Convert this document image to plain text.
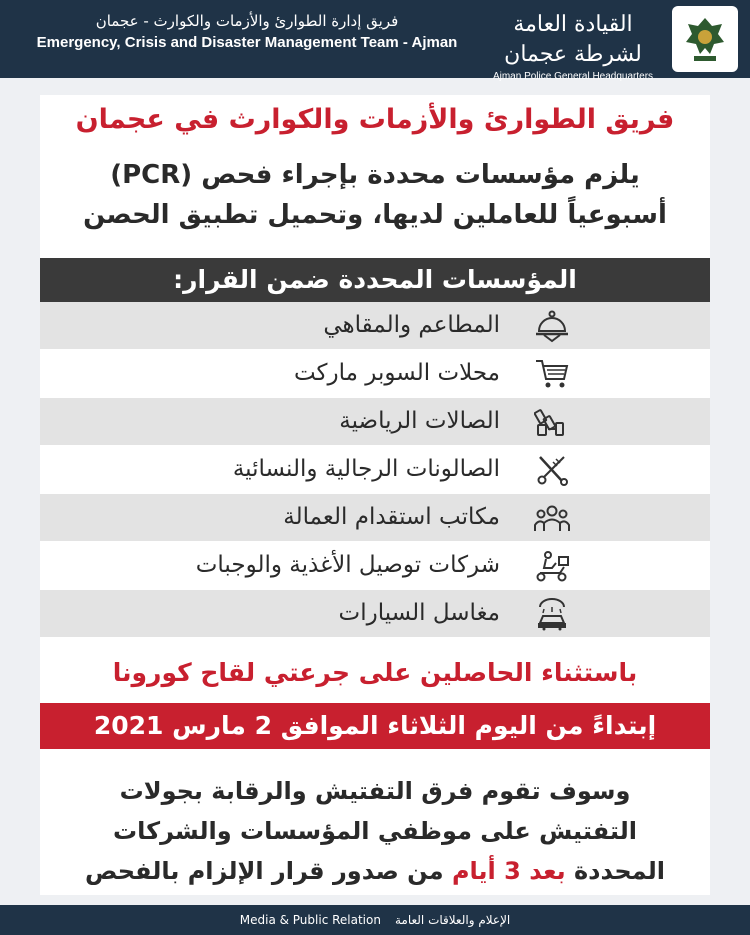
فريق إدارة الطوارئ والأزمات والكوارث - عجمان
Emergency, Crisis and Disaster Management Team - Ajman
القيادة العامة لشرطة عجمان
Ajman Police General Headquarters
فريق الطوارئ والأزمات والكوارث في عجمان
يلزم مؤسسات محددة بإجراء فحص (PCR)
أسبوعياً للعاملين لديها، وتحميل تطبيق الحصن
المؤسسات المحددة ضمن القرار:
المطاعم والمقاهي
محلات السوبر ماركت
الصالات الرياضية
الصالونات الرجالية والنسائية
مكاتب استقدام العمالة
شركات توصيل الأغذية والوجبات
مغاسل السيارات
باستثناء الحاصلين على جرعتي لقاح كورونا
إبتداءً من اليوم الثلاثاء الموافق 2 مارس 2021
وسوف تقوم فرق التفتيش والرقابة بجولات
التفتيش على موظفي المؤسسات والشركات
المحددة بعد 3 أيام من صدور قرار الإلزام بالفحص
Media & Public Relation الإعلام والعلاقات العامة
